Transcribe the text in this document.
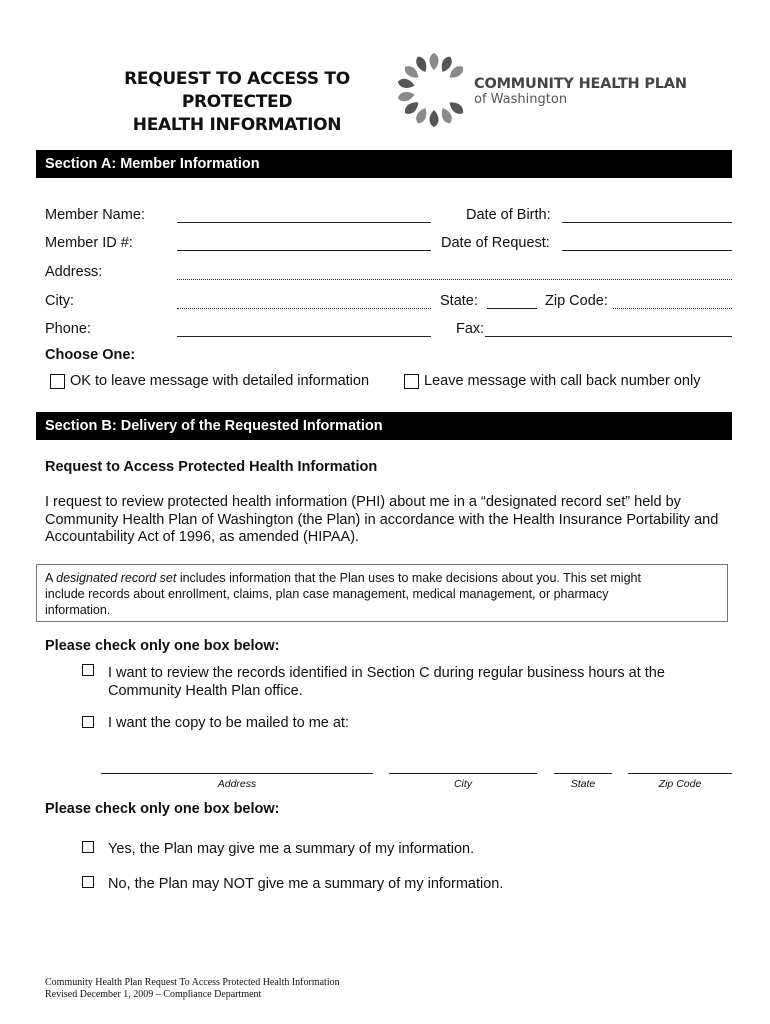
REQUEST TO ACCESS TO PROTECTED
HEALTH INFORMATION
COMMUNITY HEALTH PLAN
of Washington
Section A: Member Information
Member Name:	Date of Birth:
Member ID #:	Date of Request:
Address:
City:	State:	Zip Code:
Phone:	Fax:
Choose One:
OK to leave message with detailed information	Leave message with call back number only
Section B: Delivery of the Requested Information
Request to Access Protected Health Information
I request to review protected health information (PHI) about me in a “designated record set” held by
Community Health Plan of Washington (the Plan) in accordance with the Health Insurance Portability and
Accountability Act of 1996, as amended (HIPAA).
A designated record set includes information that the Plan uses to make decisions about you. This set might
include records about enrollment, claims, plan case management, medical management, or pharmacy
information.
Please check only one box below:
I want to review the records identified in Section C during regular business hours at the
Community Health Plan office.
I want the copy to be mailed to me at:
Address	City	State	Zip Code
Please check only one box below:
Yes, the Plan may give me a summary of my information.
No, the Plan may NOT give me a summary of my information.
Community Health Plan Request To Access Protected Health Information
Revised December 1, 2009 – Compliance Department
